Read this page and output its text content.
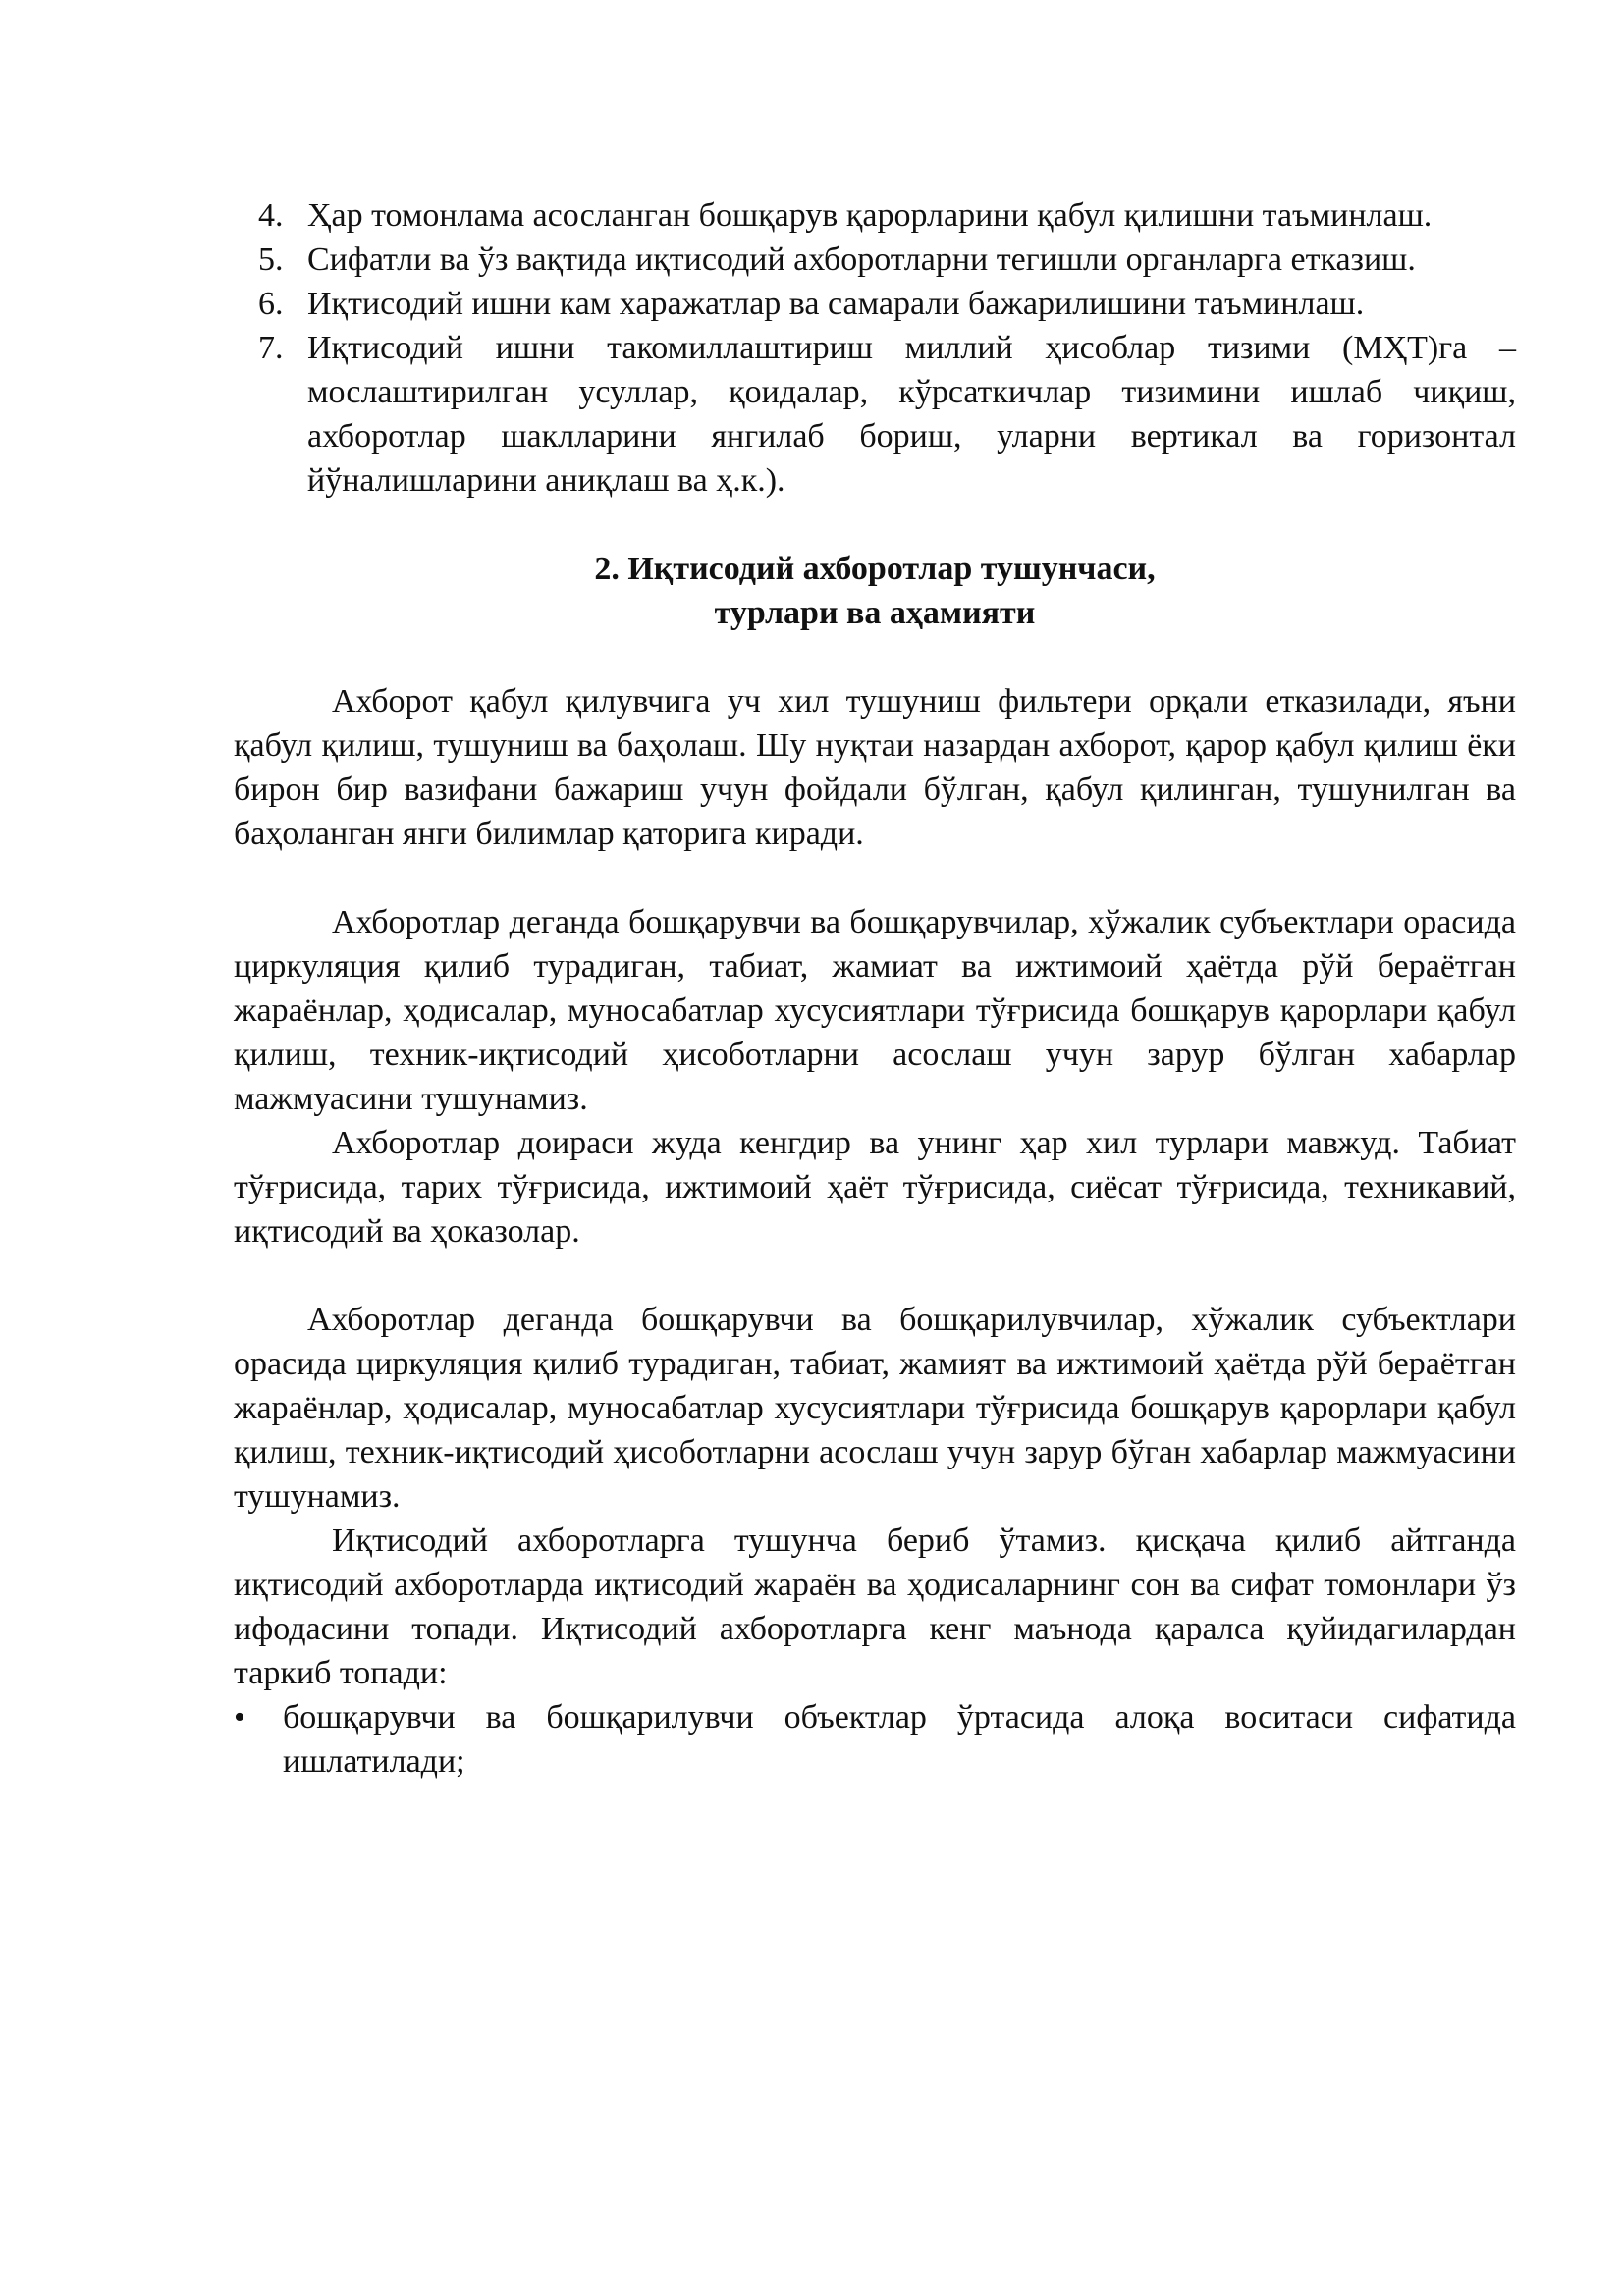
4. Ҳар томонлама асосланган бошқарув қарорларини қабул қилишни таъминлаш.
5. Сифатли ва ўз вақтида иқтисодий ахборотларни тегишли органларга етказиш.
6. Иқтисодий ишни кам харажатлар ва самарали бажарилишини таъминлаш.
7. Иқтисодий ишни такомиллаштириш миллий ҳисоблар тизими (МҲТ)га – мослаштирилган усуллар, қоидалар, кўрсаткичлар тизимини ишлаб чиқиш, ахборотлар шаклларини янгилаб бориш, уларни вертикал ва горизонтал йўналишларини аниқлаш ва ҳ.к.).
2. Иқтисодий ахборотлар тушунчаси,
турлари ва аҳамияти

Ахборот қабул қилувчига уч хил тушуниш фильтери орқали етказилади, яъни қабул қилиш, тушуниш ва баҳолаш. Шу нуқтаи назардан ахборот, қарор қабул қилиш ёки бирон бир вазифани бажариш учун фойдали бўлган, қабул қилинган, тушунилган ва баҳоланган янги билимлар қаторига киради.

Ахборотлар деганда бошқарувчи ва бошқарувчилар, хўжалик субъектлари орасида циркуляция қилиб турадиган, табиат, жамиат ва ижтимоий ҳаётда рўй бераётган жараёнлар, ҳодисалар, муносабатлар хусусиятлари тўғрисида бошқарув қарорлари қабул қилиш, техник-иқтисодий ҳисоботларни асослаш учун зарур бўлган хабарлар мажмуасини тушунамиз.

Ахборотлар доираси жуда кенгдир ва унинг ҳар хил турлари мавжуд. Табиат тўғрисида, тарих тўғрисида, ижтимоий ҳаёт тўғрисида, сиёсат тўғрисида, техникавий, иқтисодий ва ҳоказолар.

Ахборотлар деганда бошқарувчи ва бошқарилувчилар, хўжалик субъектлари орасида циркуляция қилиб турадиган, табиат, жамият ва ижтимоий ҳаётда рўй бераётган жараёнлар, ҳодисалар, муносабатлар хусусиятлари тўғрисида бошқарув қарорлари қабул қилиш, техник-иқтисодий ҳисоботларни асослаш учун зарур бўган хабарлар мажмуасини тушунамиз.

Иқтисодий ахборотларга тушунча бериб ўтамиз. қисқача қилиб айтганда иқтисодий ахборотларда иқтисодий жараён ва ҳодисаларнинг сон ва сифат томонлари ўз ифодасини топади. Иқтисодий ахборотларга кенг маънода қаралса қуйидагилардан таркиб топади:

• бошқарувчи ва бошқарилувчи объектлар ўртасида алоқа воситаси сифатида ишлатилади;
